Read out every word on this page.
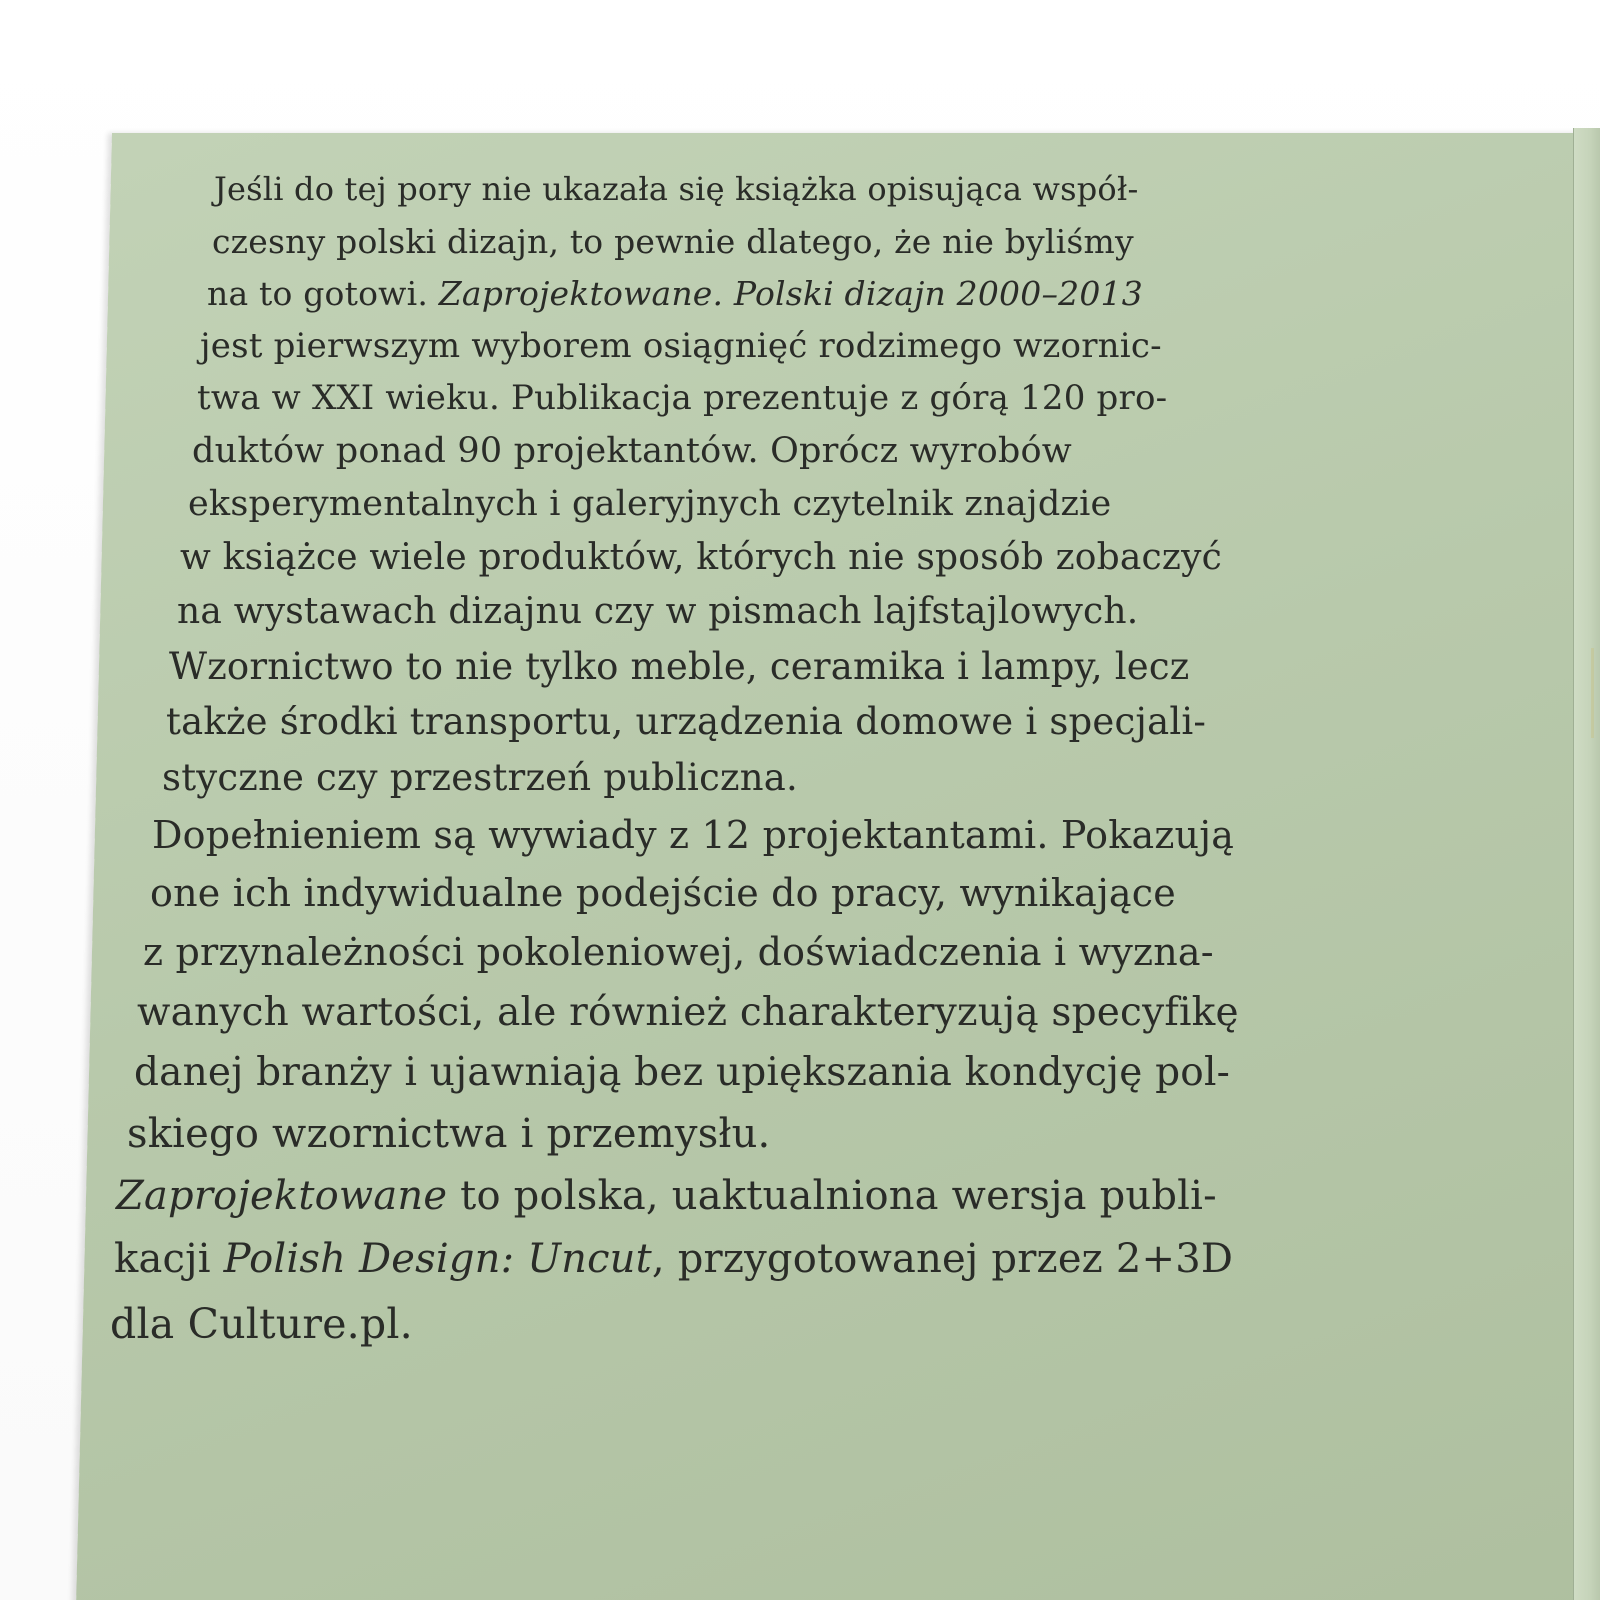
Jeśli do tej pory nie ukazała się książka opisująca współ-
czesny polski dizajn, to pewnie dlatego, że nie byliśmy
na to gotowi. Zaprojektowane. Polski dizajn 2000–2013
jest pierwszym wyborem osiągnięć rodzimego wzornic-
twa w XXI wieku. Publikacja prezentuje z górą 120 pro-
duktów ponad 90 projektantów. Oprócz wyrobów
eksperymentalnych i galeryjnych czytelnik znajdzie
w książce wiele produktów, których nie sposób zobaczyć
na wystawach dizajnu czy w pismach lajfstajlowych.
Wzornictwo to nie tylko meble, ceramika i lampy, lecz
także środki transportu, urządzenia domowe i specjali-
styczne czy przestrzeń publiczna.
Dopełnieniem są wywiady z 12 projektantami. Pokazują
one ich indywidualne podejście do pracy, wynikające
z przynależności pokoleniowej, doświadczenia i wyzna-
wanych wartości, ale również charakteryzują specyfikę
danej branży i ujawniają bez upiększania kondycję pol-
skiego wzornictwa i przemysłu.
Zaprojektowane to polska, uaktualniona wersja publi-
kacji Polish Design: Uncut, przygotowanej przez 2+3D
dla Culture.pl.
